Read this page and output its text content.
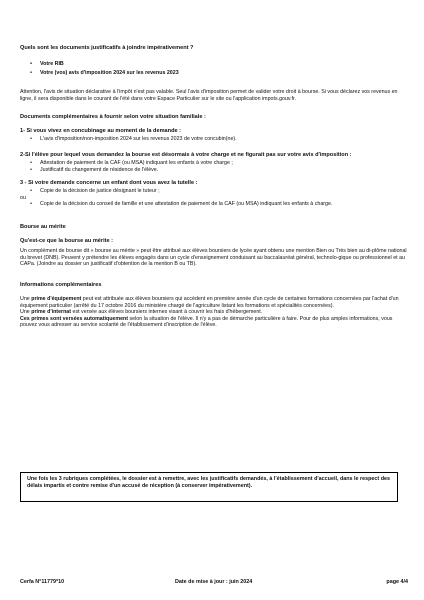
Quels sont les documents justificatifs à joindre impérativement ?

•	Votre RIB
•	Votre (vos) avis d'imposition 2024 sur les revenus 2023

Attention, l'avis de situation déclarative à l'impôt n'est pas valable. Seul l'avis d'imposition permet de valider votre droit à bourse. Si vous déclarez vos revenus en ligne, il sera disponible dans le courant de l'été dans votre Espace Particulier sur le site ou l'application impots.gouv.fr.

Documents complémentaires à fournir selon votre situation familiale :

1- Si vous vivez en concubinage au moment de la demande :

•	L'avis d'imposition/non-imposition 2024 sur les revenus 2023 de votre concubin(ne).

2-Si l'élève pour lequel vous demandez la bourse est désormais à votre charge et ne figurait pas sur votre avis d'imposition :

•	Attestation de paiement de la CAF (ou MSA) indiquant les enfants à votre charge ;
•	Justificatif du changement de résidence de l'élève.

3 - Si votre demande concerne un enfant dont vous avez la tutelle :

•	Copie de la décision de justice désignant le tuteur ;

ou

•	Copie de la décision du conseil de famille et une attestation de paiement de la CAF (ou MSA) indiquant les enfants à charge.

Bourse au mérite

Qu'est-ce que la bourse au mérite :

Un complément de bourse dit « bourse au mérite » peut être attribué aux élèves boursiers de lycée ayant obtenu une mention Bien ou Très bien au di-plôme national du brevet (DNB). Peuvent y prétendre les élèves engagés dans un cycle d'enseignement conduisant au baccalauréat général, technolo-gique ou professionnel et au CAPa. (Joindre au dossier un justificatif d'obtention de la mention B ou TB).

Informations complémentaires

Une prime d'équipement peut est attribuée aux élèves boursiers qui accèdent en première année d'un cycle de certaines formations concernées par l'achat d'un équipement particulier (arrêté du 17 octobre 2016 du ministère chargé de l'agriculture listant les formations et spécialités concernées).

Une prime d'internat est versée aux élèves boursiers internes visant à couvrir les frais d'hébergement.

Ces primes sont versées automatiquement selon la situation de l'élève. Il n'y a pas de démarche particulière à faire. Pour de plus amples informations, vous pouvez vous adresser au service scolarité de l'établissement d'inscription de l'élève.

Une fois les 3 rubriques complétées, le dossier est à remettre, avec les justificatifs demandés, à l'établissement d'accueil, dans le respect des délais impartis et contre remise d'un accusé de réception (à conserver impérativement).
Cerfa N°11779*10	Date de mise à jour : juin 2024	page 4/4
